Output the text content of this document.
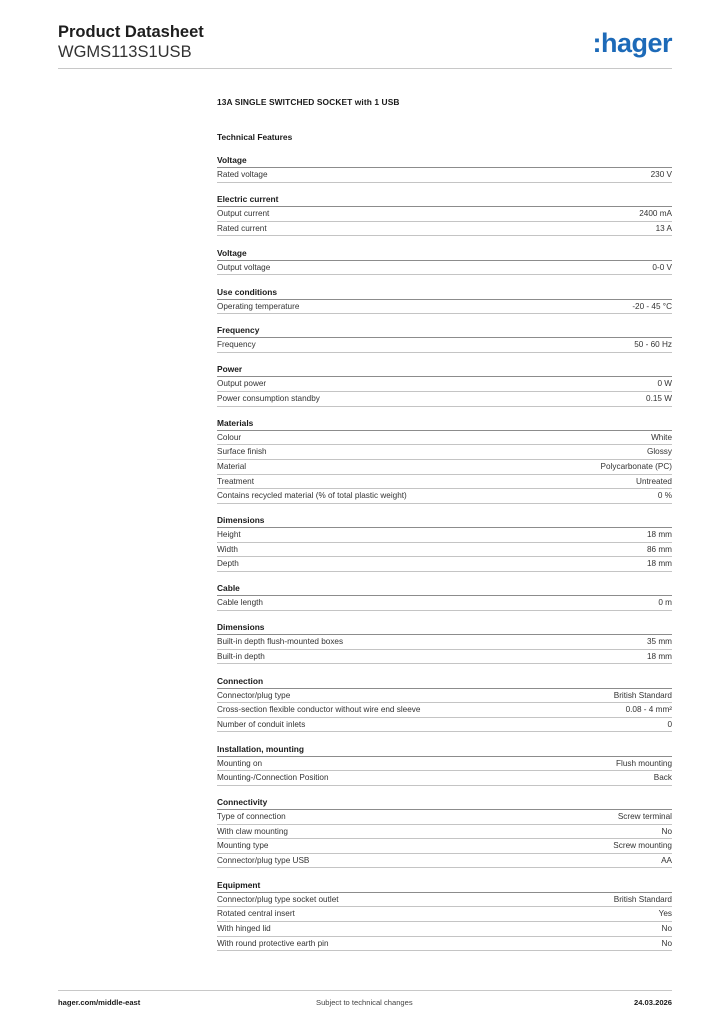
Product Datasheet
WGMS113S1USB	:hager
13A SINGLE SWITCHED SOCKET with 1 USB
Technical Features
Voltage
Rated voltage	230 V
Electric current
Output current	2400 mA
Rated current	13 A
Voltage
Output voltage	0-0 V
Use conditions
Operating temperature	-20 - 45 °C
Frequency
Frequency	50 - 60 Hz
Power
Output power	0 W
Power consumption standby	0.15 W
Materials
Colour	White
Surface finish	Glossy
Material	Polycarbonate (PC)
Treatment	Untreated
Contains recycled material (% of total plastic weight)	0 %
Dimensions
Height	18 mm
Width	86 mm
Depth	18 mm
Cable
Cable length	0 m
Dimensions
Built-in depth flush-mounted boxes	35 mm
Built-in depth	18 mm
Connection
Connector/plug type	British Standard
Cross-section flexible conductor without wire end sleeve	0.08 - 4 mm²
Number of conduit inlets	0
Installation, mounting
Mounting on	Flush mounting
Mounting-/Connection Position	Back
Connectivity
Type of connection	Screw terminal
With claw mounting	No
Mounting type	Screw mounting
Connector/plug type USB	AA
Equipment
Connector/plug type socket outlet	British Standard
Rotated central insert	Yes
With hinged lid	No
With round protective earth pin	No
hager.com/middle-east	Subject to technical changes	24.03.2026
